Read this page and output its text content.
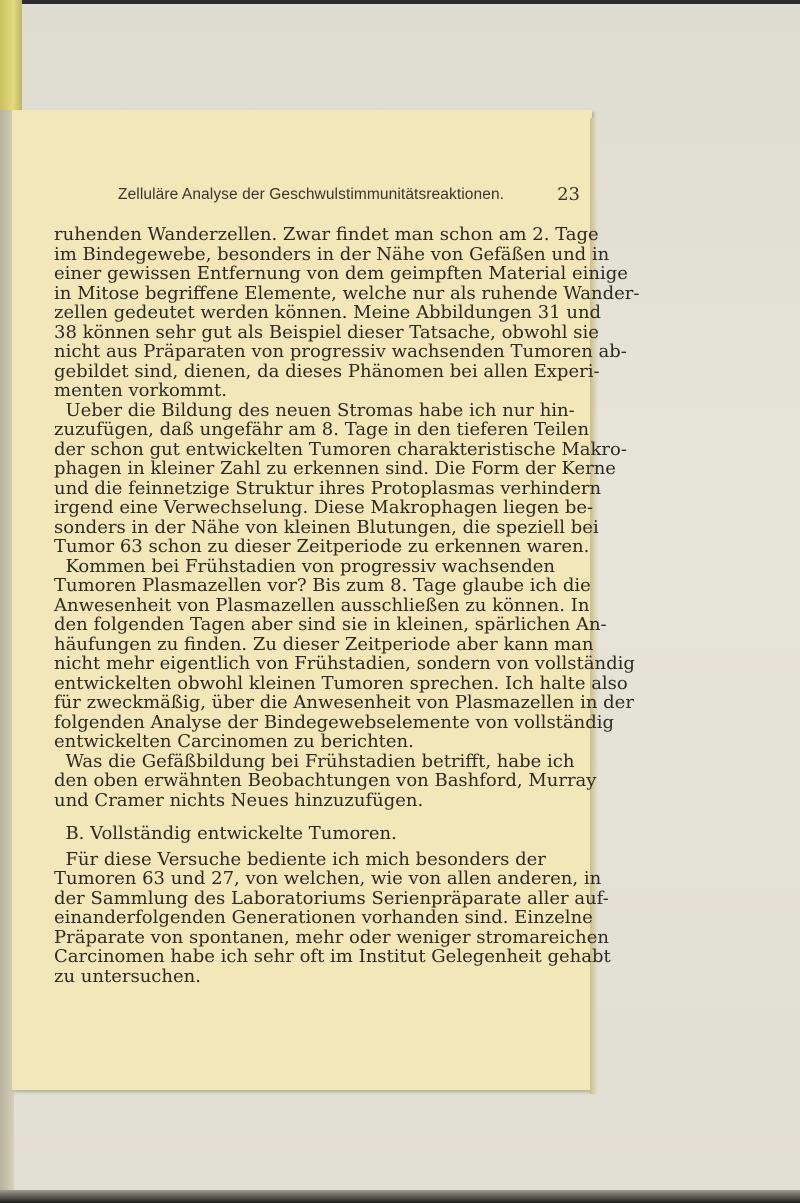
Zelluläre Analyse der Geschwulstimmunitätsreaktionen.	23
ruhenden Wanderzellen. Zwar findet man schon am 2. Tage
im Bindegewebe, besonders in der Nähe von Gefäßen und in
einer gewissen Entfernung von dem geimpften Material einige
in Mitose begriffene Elemente, welche nur als ruhende Wander-
zellen gedeutet werden können. Meine Abbildungen 31 und
38 können sehr gut als Beispiel dieser Tatsache, obwohl sie
nicht aus Präparaten von progressiv wachsenden Tumoren ab-
gebildet sind, dienen, da dieses Phänomen bei allen Experi-
menten vorkommt.
Ueber die Bildung des neuen Stromas habe ich nur hin-
zuzufügen, daß ungefähr am 8. Tage in den tieferen Teilen
der schon gut entwickelten Tumoren charakteristische Makro-
phagen in kleiner Zahl zu erkennen sind. Die Form der Kerne
und die feinnetzige Struktur ihres Protoplasmas verhindern
irgend eine Verwechselung. Diese Makrophagen liegen be-
sonders in der Nähe von kleinen Blutungen, die speziell bei
Tumor 63 schon zu dieser Zeitperiode zu erkennen waren.
Kommen bei Frühstadien von progressiv wachsenden
Tumoren Plasmazellen vor? Bis zum 8. Tage glaube ich die
Anwesenheit von Plasmazellen ausschließen zu können. In
den folgenden Tagen aber sind sie in kleinen, spärlichen An-
häufungen zu finden. Zu dieser Zeitperiode aber kann man
nicht mehr eigentlich von Frühstadien, sondern von vollständig
entwickelten obwohl kleinen Tumoren sprechen. Ich halte also
für zweckmäßig, über die Anwesenheit von Plasmazellen in der
folgenden Analyse der Bindegewebselemente von vollständig
entwickelten Carcinomen zu berichten.
Was die Gefäßbildung bei Frühstadien betrifft, habe ich
den oben erwähnten Beobachtungen von Bashford, Murray
und Cramer nichts Neues hinzuzufügen.
B. Vollständig entwickelte Tumoren.
Für diese Versuche bediente ich mich besonders der
Tumoren 63 und 27, von welchen, wie von allen anderen, in
der Sammlung des Laboratoriums Serienpräparate aller auf-
einanderfolgenden Generationen vorhanden sind. Einzelne
Präparate von spontanen, mehr oder weniger stromareichen
Carcinomen habe ich sehr oft im Institut Gelegenheit gehabt
zu untersuchen.
